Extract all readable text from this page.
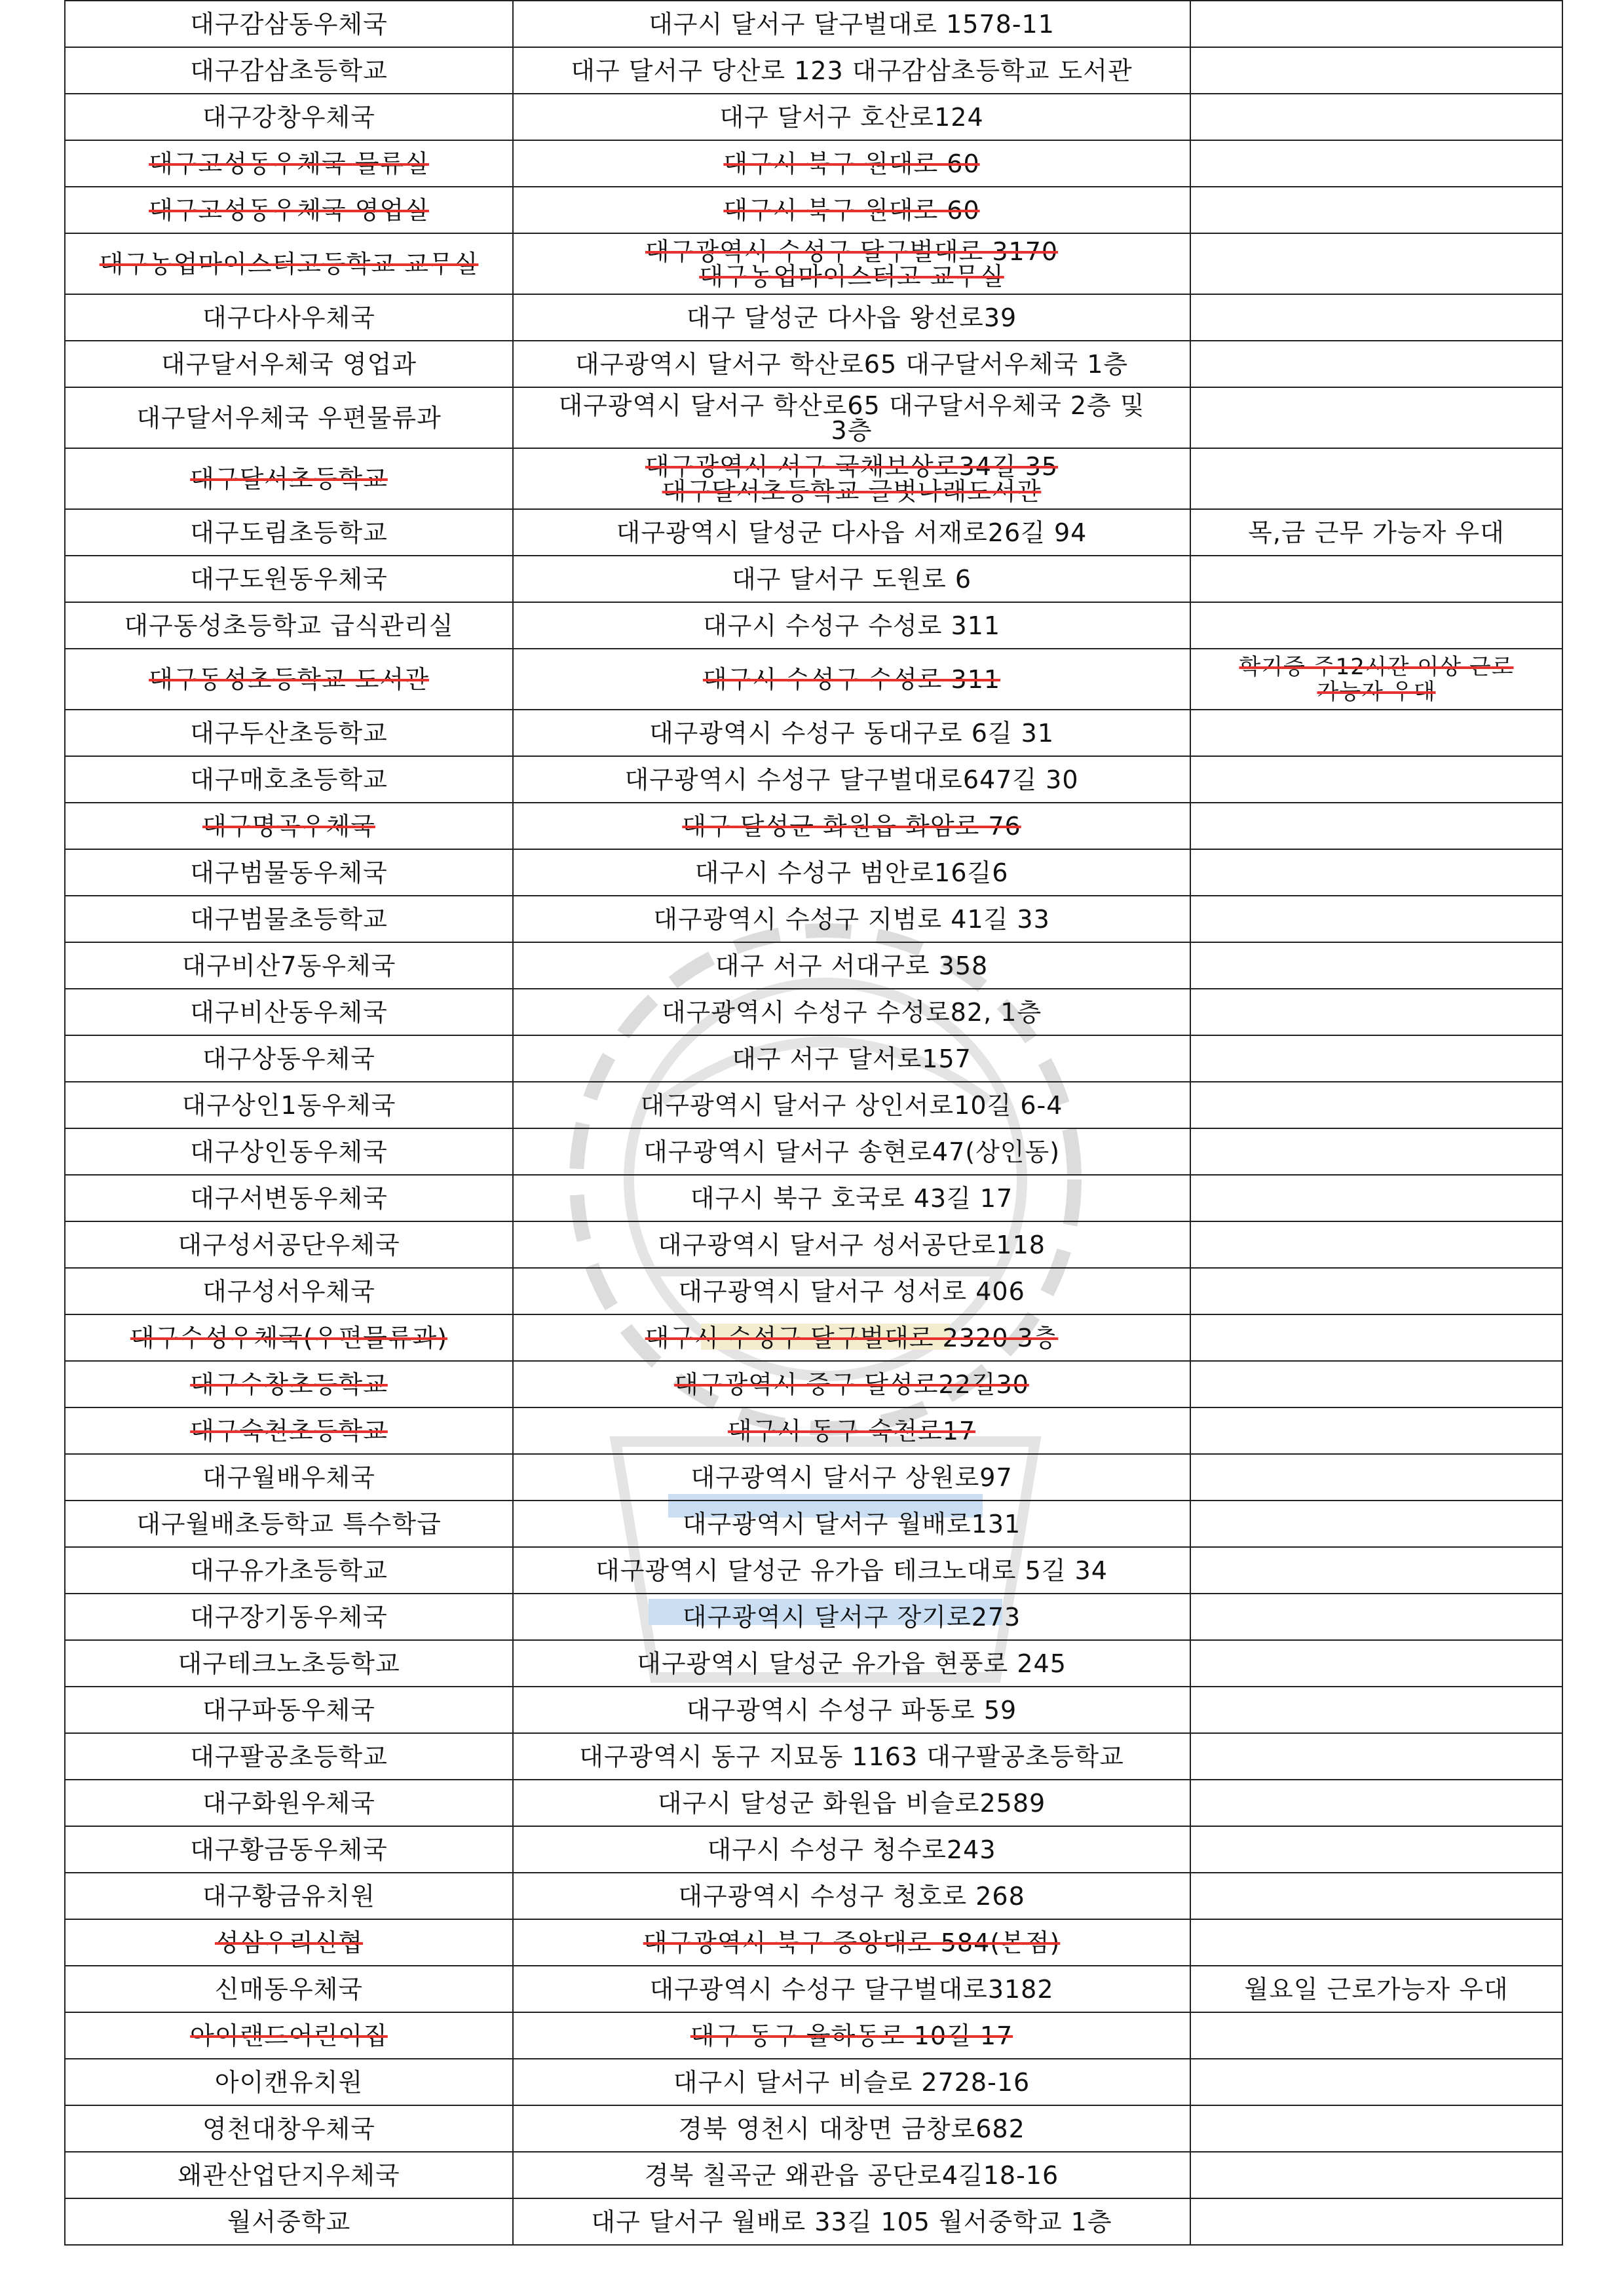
대구감삼동우체국	대구시 달서구 달구벌대로 1578-11	
대구감삼초등학교	대구 달서구 당산로 123 대구감삼초등학교 도서관	
대구강창우체국	대구 달서구 호산로124	
대구고성동우체국 물류실	대구시 북구 원대로 60	
대구고성동우체국 영업실	대구시 북구 원대로 60	
대구농업마이스터고등학교 교무실	대구광역시 수성구 달구벌대로 3170
대구농업마이스터고 교무실	
대구다사우체국	대구 달성군 다사읍 왕선로39	
대구달서우체국 영업과	대구광역시 달서구 학산로65 대구달서우체국 1층	
대구달서우체국 우편물류과	대구광역시 달서구 학산로65 대구달서우체국 2층 및
3층	
대구달서초등학교	대구광역시 서구 국채보상로34길 35
대구달서초등학교 글벗나래도서관	
대구도림초등학교	대구광역시 달성군 다사읍 서재로26길 94	목,금 근무 가능자 우대
대구도원동우체국	대구 달서구 도원로 6	
대구동성초등학교 급식관리실	대구시 수성구 수성로 311	
대구동성초등학교 도서관	대구시 수성구 수성로 311	학기중 주12시간 이상 근로
가능자 우대
대구두산초등학교	대구광역시 수성구 동대구로 6길 31	
대구매호초등학교	대구광역시 수성구 달구벌대로647길 30	
대구명곡우체국	대구 달성군 화원읍 화암로 76	
대구범물동우체국	대구시 수성구 범안로16길6	
대구범물초등학교	대구광역시 수성구 지범로 41길 33	
대구비산7동우체국	대구 서구 서대구로 358	
대구비산동우체국	대구광역시 수성구 수성로82, 1층	
대구상동우체국	대구 서구 달서로157	
대구상인1동우체국	대구광역시 달서구 상인서로10길 6-4	
대구상인동우체국	대구광역시 달서구 송현로47(상인동)	
대구서변동우체국	대구시 북구 호국로 43길 17	
대구성서공단우체국	대구광역시 달서구 성서공단로118	
대구성서우체국	대구광역시 달서구 성서로 406	
대구수성우체국(우편물류과)	대구시 수성구 달구벌대로 2320 3층	
대구수창초등학교	대구광역시 중구 달성로22길30	
대구숙천초등학교	대구시 동구 숙천로17	
대구월배우체국	대구광역시 달서구 상원로97	
대구월배초등학교 특수학급	대구광역시 달서구 월배로131	
대구유가초등학교	대구광역시 달성군 유가읍 테크노대로 5길 34	
대구장기동우체국	대구광역시 달서구 장기로273	
대구테크노초등학교	대구광역시 달성군 유가읍 현풍로 245	
대구파동우체국	대구광역시 수성구 파동로 59	
대구팔공초등학교	대구광역시 동구 지묘동 1163 대구팔공초등학교	
대구화원우체국	대구시 달성군 화원읍 비슬로2589	
대구황금동우체국	대구시 수성구 청수로243	
대구황금유치원	대구광역시 수성구 청호로 268	
성삼우리신협	대구광역시 북구 중앙대로 584(본점)	
신매동우체국	대구광역시 수성구 달구벌대로3182	월요일 근로가능자 우대
아이랜드어린이집	대구 동구 율하동로 10길 17	
아이캔유치원	대구시 달서구 비슬로 2728-16	
영천대창우체국	경북 영천시 대창면 금창로682	
왜관산업단지우체국	경북 칠곡군 왜관읍 공단로4길18-16	
월서중학교	대구 달서구 월배로 33길 105 월서중학교 1층	
